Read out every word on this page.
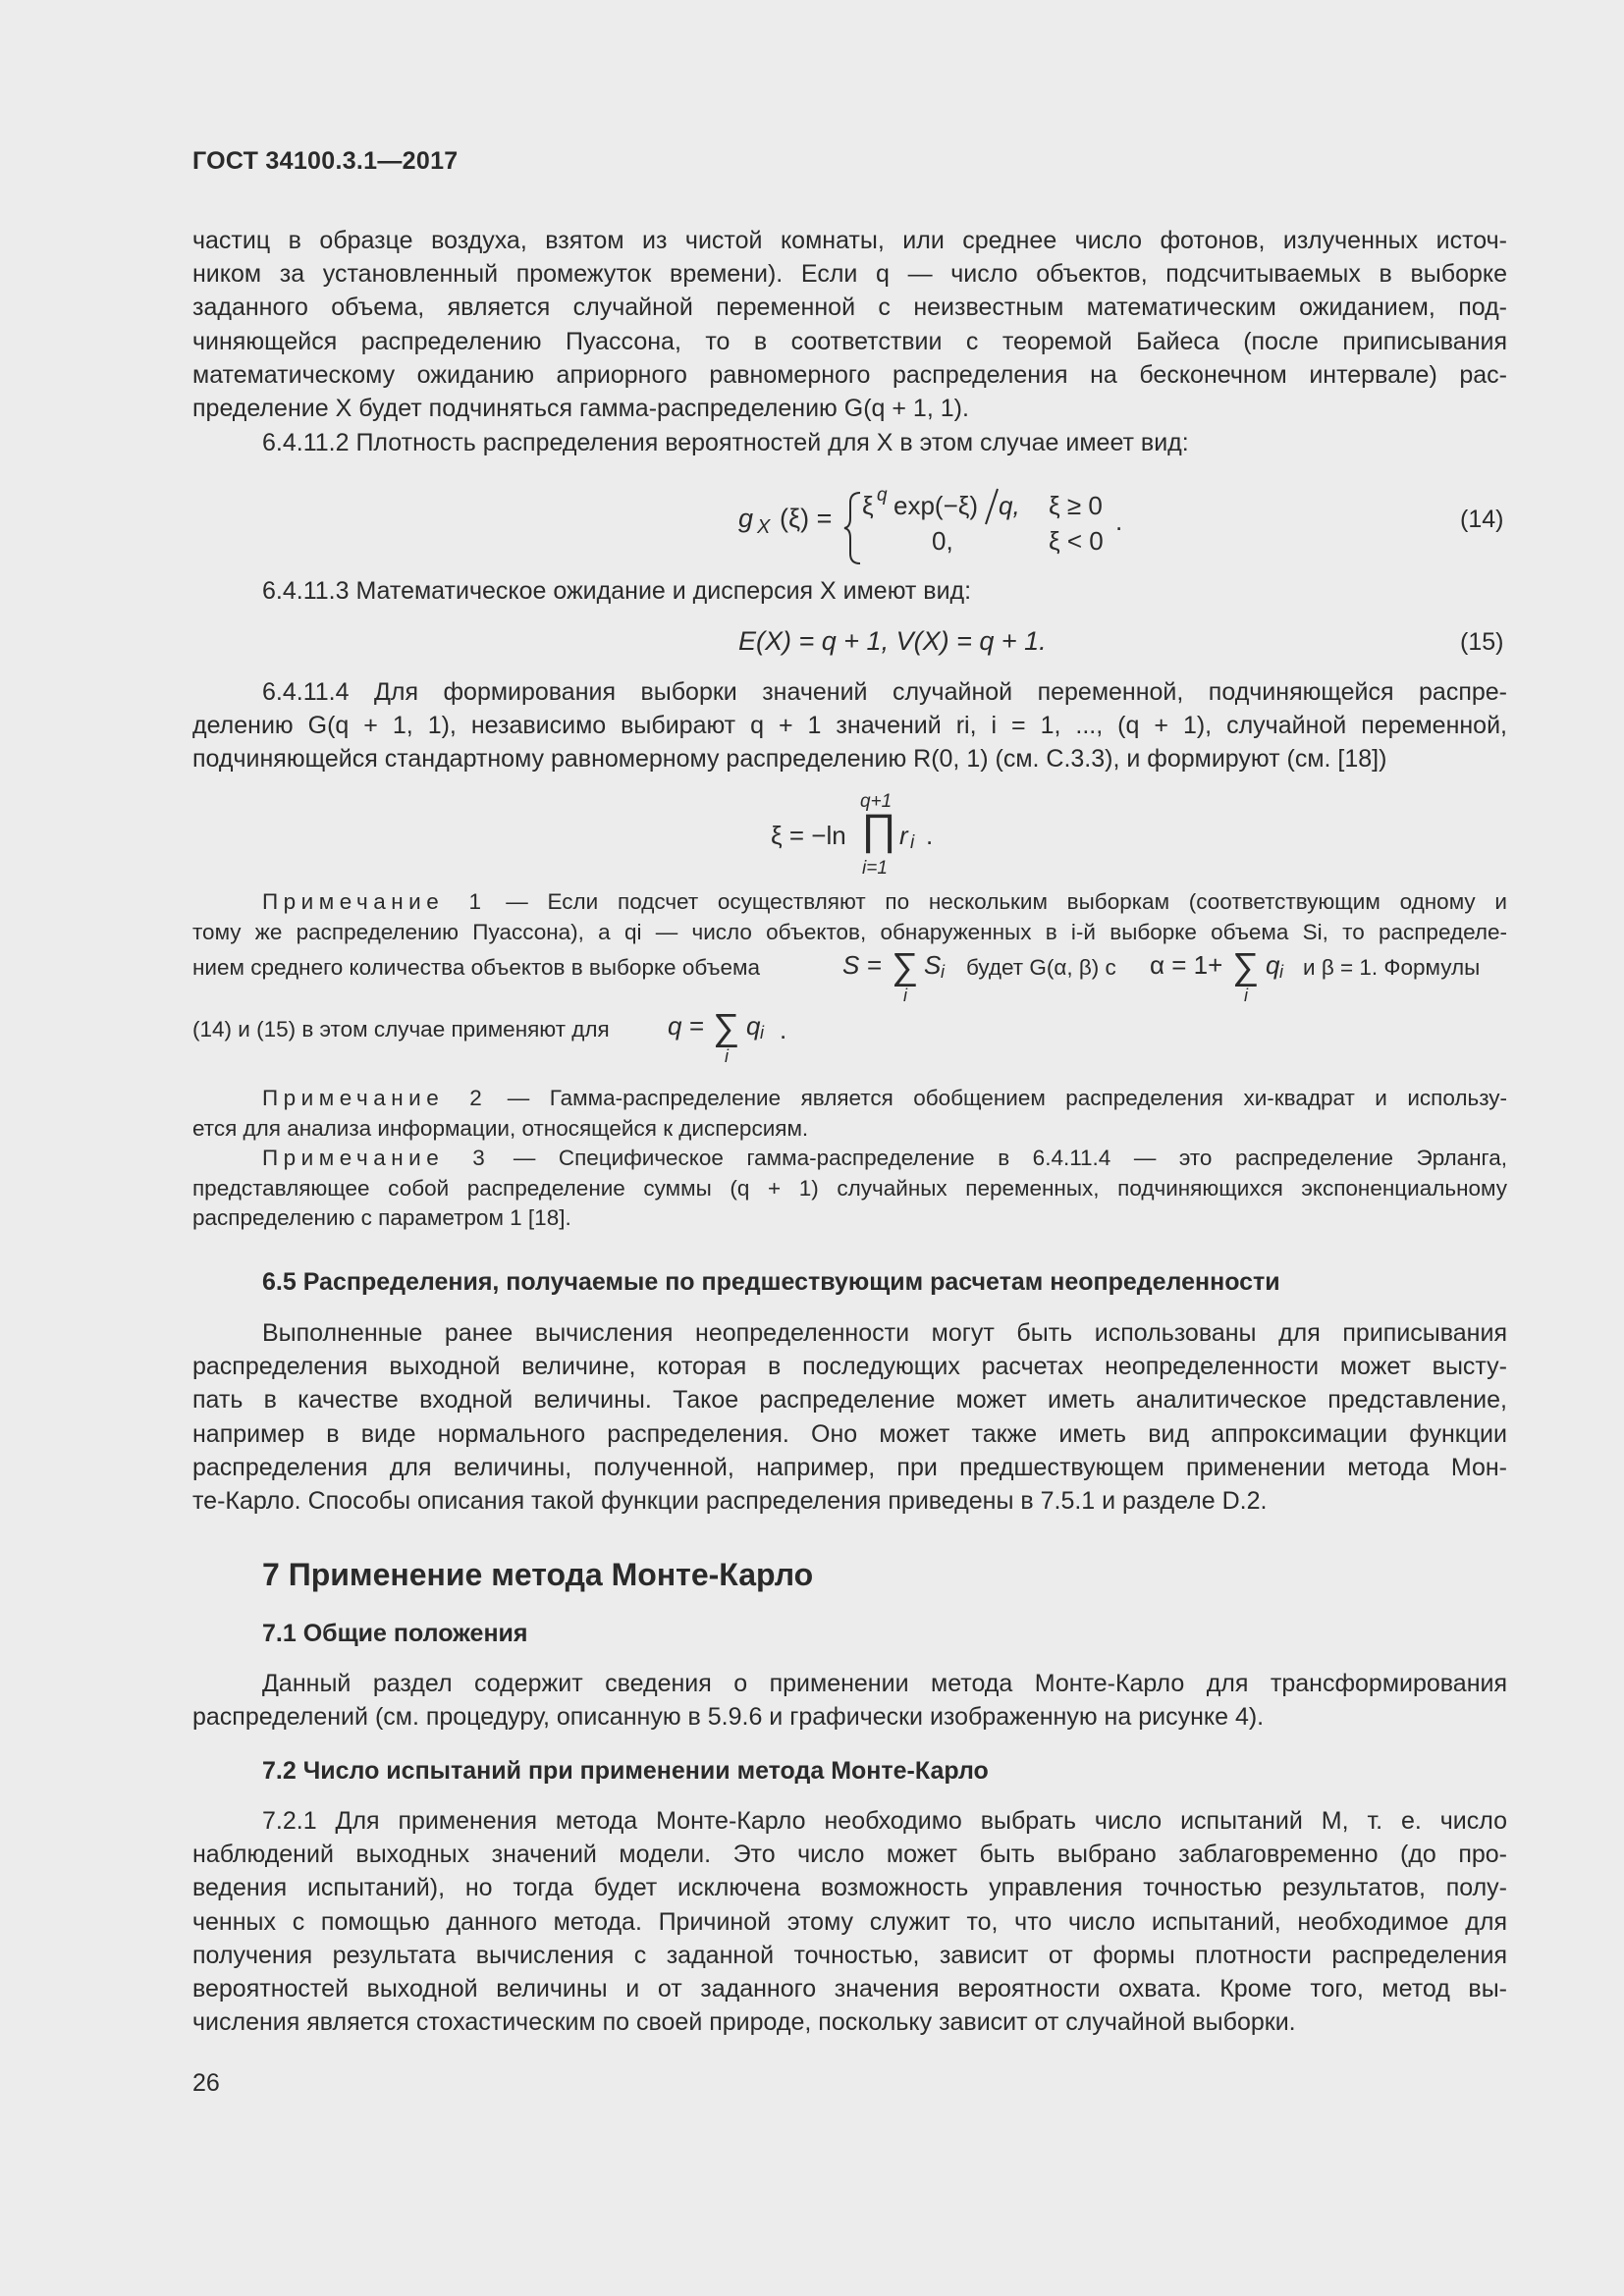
ГОСТ 34100.3.1—2017
частиц в образце воздуха, взятом из чистой комнаты, или среднее число фотонов, излученных источ-
ником за установленный промежуток времени). Если q — число объектов, подсчитываемых в выборке
заданного объема, является случайной переменной с неизвестным математическим ожиданием, под-
чиняющейся распределению Пуассона, то в соответствии с теоремой Байеса (после приписывания
математическому ожиданию априорного равномерного распределения на бесконечном интервале) рас-
пределение X будет подчиняться гамма-распределению G(q + 1, 1).
6.4.11.2 Плотность распределения вероятностей для X в этом случае имеет вид:
g X (ξ) = ξ q exp(−ξ) q, ξ ≥ 0
0,	ξ < 0
.	(14)
6.4.11.3 Математическое ожидание и дисперсия X имеют вид:
E(X) = q + 1, V(X) = q + 1.	(15)
6.4.11.4 Для формирования выборки значений случайной переменной, подчиняющейся распре-
делению G(q + 1, 1), независимо выбирают q + 1 значений ri, i = 1, ..., (q + 1), случайной переменной,
подчиняющейся стандартному равномерному распределению R(0, 1) (см. С.3.3), и формируют (см. [18])
q+1
ξ = −ln ∏
i=1
r i .
Примечание 1 — Если подсчет осуществляют по нескольким выборкам (соответствующим одному и
тому же распределению Пуассона), а qi — число объектов, обнаруженных в i-й выборке объема Si, то распределе-
нием среднего количества объектов в выборке объема	S = ∑
i
S i будет G(α, β) с α = 1+ ∑
i
q i и β = 1. Формулы
(14) и (15) в этом случае применяют для q = ∑
i
q i .
Примечание 2 — Гамма-распределение является обобщением распределения хи-квадрат и использу-
ется для анализа информации, относящейся к дисперсиям.
Примечание 3 — Специфическое гамма-распределение в 6.4.11.4 — это распределение Эрланга,
представляющее собой распределение суммы (q + 1) случайных переменных, подчиняющихся экспоненциальному
распределению с параметром 1 [18].
6.5 Распределения, получаемые по предшествующим расчетам неопределенности
Выполненные ранее вычисления неопределенности могут быть использованы для приписывания
распределения выходной величине, которая в последующих расчетах неопределенности может высту-
пать в качестве входной величины. Такое распределение может иметь аналитическое представление,
например в виде нормального распределения. Оно может также иметь вид аппроксимации функции
распределения для величины, полученной, например, при предшествующем применении метода Мон-
те-Карло. Способы описания такой функции распределения приведены в 7.5.1 и разделе D.2.
7 Применение метода Монте-Карло
7.1 Общие положения
Данный раздел содержит сведения о применении метода Монте-Карло для трансформирования
распределений (см. процедуру, описанную в 5.9.6 и графически изображенную на рисунке 4).
7.2 Число испытаний при применении метода Монте-Карло
7.2.1 Для применения метода Монте-Карло необходимо выбрать число испытаний M, т. е. число
наблюдений выходных значений модели. Это число может быть выбрано заблаговременно (до про-
ведения испытаний), но тогда будет исключена возможность управления точностью результатов, полу-
ченных с помощью данного метода. Причиной этому служит то, что число испытаний, необходимое для
получения результата вычисления с заданной точностью, зависит от формы плотности распределения
вероятностей выходной величины и от заданного значения вероятности охвата. Кроме того, метод вы-
числения является стохастическим по своей природе, поскольку зависит от случайной выборки.
26
